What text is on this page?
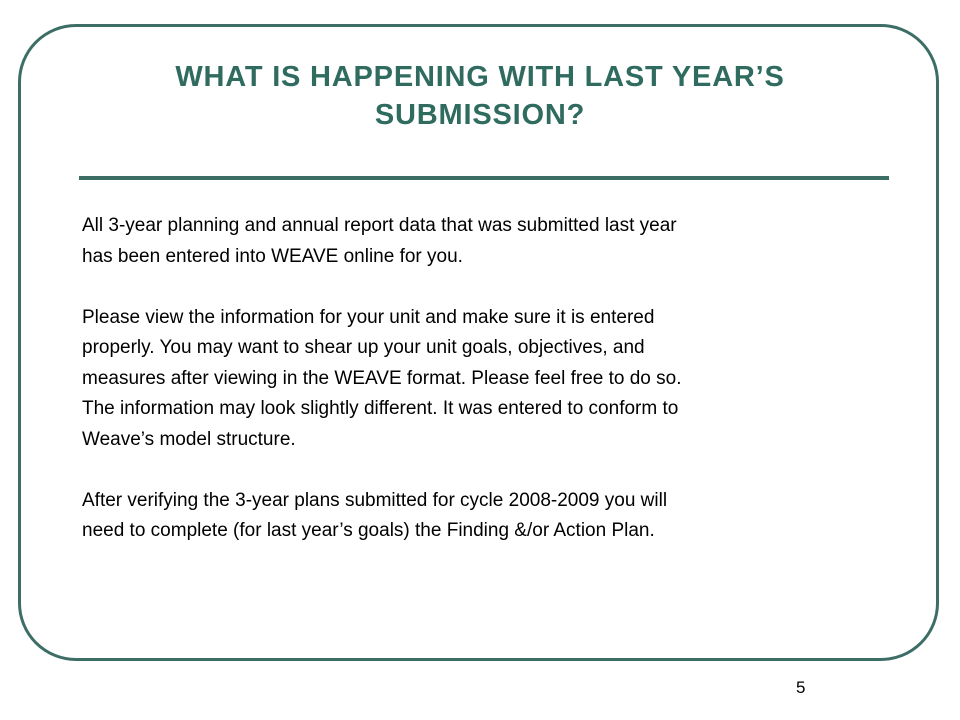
WHAT IS HAPPENING WITH LAST YEAR’S
SUBMISSION?

All 3-year planning and annual report data that was submitted last year
has been entered into WEAVE online for you.

Please view the information for your unit and make sure it is entered
properly. You may want to shear up your unit goals, objectives, and
measures after viewing in the WEAVE format. Please feel free to do so.
The information may look slightly different. It was entered to conform to
Weave’s model structure.

After verifying the 3-year plans submitted for cycle 2008-2009 you will
need to complete (for last year’s goals) the Finding &/or Action Plan.

5
